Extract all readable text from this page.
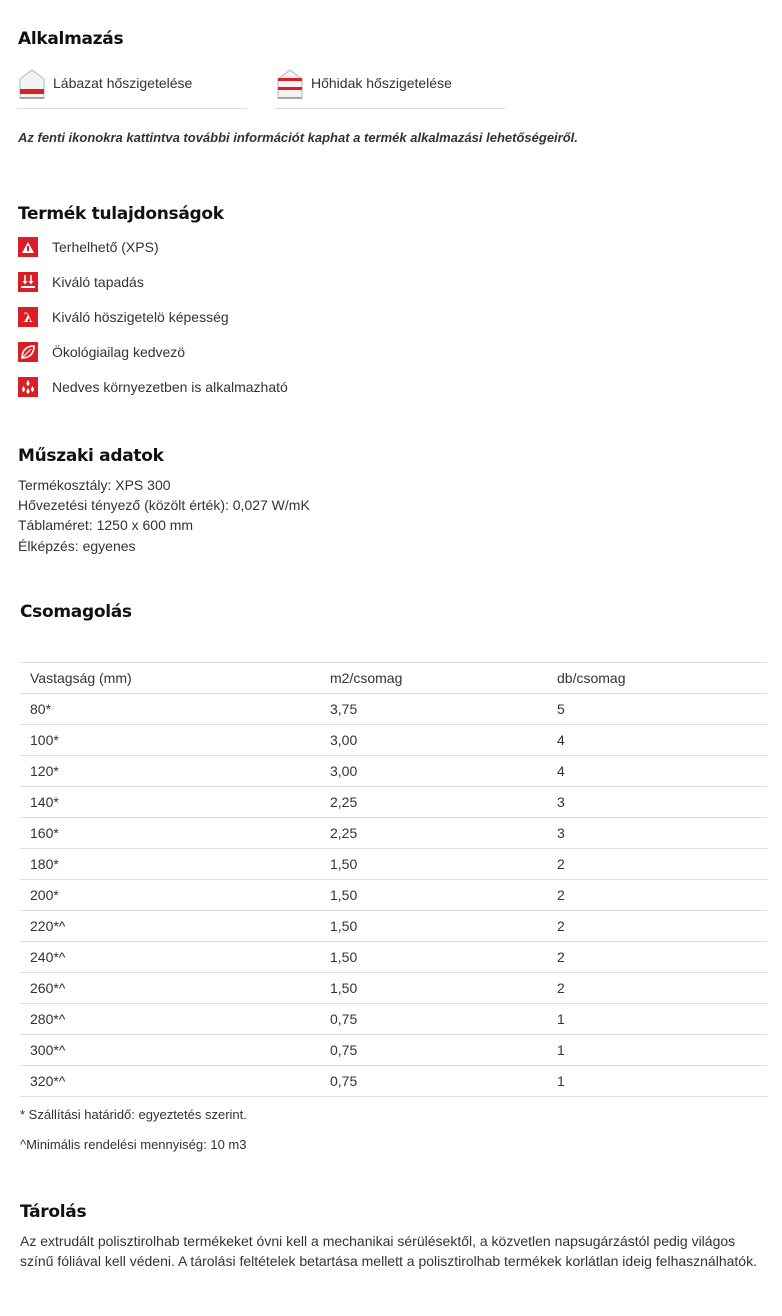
Alkalmazás
Lábazat hőszigetelése	Hőhidak hőszigetelése
Az fenti ikonokra kattintva további információt kaphat a termék alkalmazási lehetőségeiről.
Termék tulajdonságok
Terhelhető (XPS)
Kiváló tapadás
λ Kiváló höszigetelö képesség
Ökológiailag kedvezö
Nedves környezetben is alkalmazható
Műszaki adatok
Termékosztály: XPS 300
Hővezetési tényező (közölt érték): 0,027 W/mK
Táblaméret: 1250 x 600 mm
Élképzés: egyenes
Csomagolás
Vastagság (mm)	m2/csomag	db/csomag
80*	3,75	5
100*	3,00	4
120*	3,00	4
140*	2,25	3
160*	2,25	3
180*	1,50	2
200*	1,50	2
220*^	1,50	2
240*^	1,50	2
260*^	1,50	2
280*^	0,75	1
300*^	0,75	1
320*^	0,75	1
* Szállítási határidő: egyeztetés szerint.
^Minimális rendelési mennyiség: 10 m3
Tárolás
Az extrudált polisztirolhab termékeket óvni kell a mechanikai sérülésektől, a közvetlen napsugárzástól pedig világos színű fóliával kell védeni. A tárolási feltételek betartása mellett a polisztirolhab termékek korlátlan ideig felhasználhatók.
